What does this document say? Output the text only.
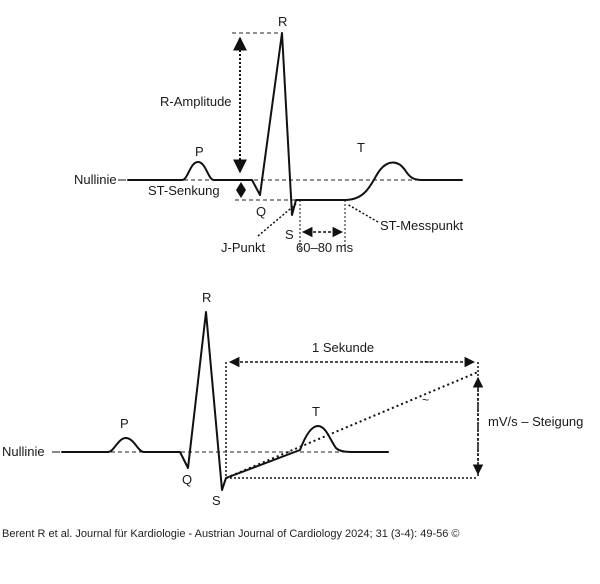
R
R-Amplitude
P	T
Nullinie
ST-Senkung
Q
S
J-Punkt 60–80 ms
ST-Messpunkt
~
~
R
P
T
Q
S
Nullinie
1 Sekunde
mV/s – Steigung
Berent R et al. Journal für Kardiologie - Austrian Journal of Cardiology 2024; 31 (3-4): 49-56 ©
